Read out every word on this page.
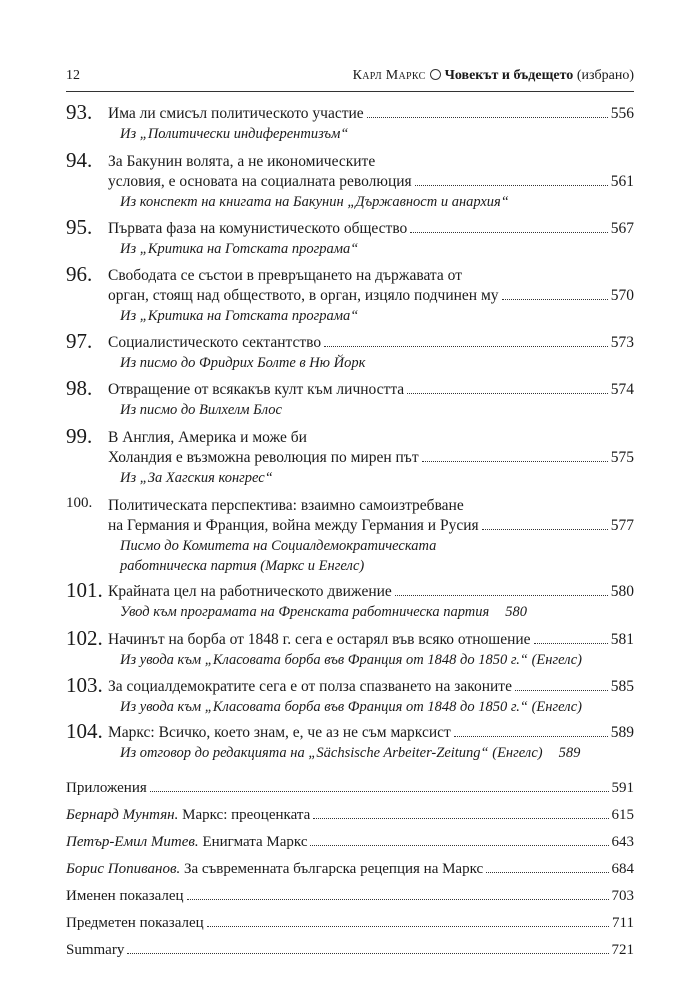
12	Карл Маркс Човекът и бъдещето (избрано)
93. Има ли смисъл политическото участие	556
Из „Политически индиферентизъм“
94. За Бакунин волята, а не икономическите
условия, е основата на социалната революция	561
Из конспект на книгата на Бакунин „Държавност и анархия“
95. Първата фаза на комунистическото общество	567
Из „Критика на Готската програма“
96. Свободата се състои в превръщането на държавата от
орган, стоящ над обществото, в орган, изцяло подчинен му	570
Из „Критика на Готската програма“
97. Социалистическото сектантство	573
Из писмо до Фридрих Болте в Ню Йорк
98. Отвращение от всякакъв култ към личността	574
Из писмо до Вилхелм Блос
99. В Англия, Америка и може би
Холандия е възможна революция по мирен път	575
Из „За Хагския конгрес“
100. Политическата перспектива: взаимно самоизтребване
на Германия и Франция, война между Германия и Русия	577
Писмо до Комитета на Социалдемократическата
работническа партия (Маркс и Енгелс)
101. Крайната цел на работническото движение	580
Увод към програмата на Френската работническа партия 580
102. Начинът на борба от 1848 г. сега е остарял във всяко отношение	581
Из увода към „Класовата борба във Франция от 1848 до 1850 г.“ (Енгелс)
103. За социалдемократите сега е от полза спазването на законите	585
Из увода към „Класовата борба във Франция от 1848 до 1850 г.“ (Енгелс)
104. Маркс: Всичко, което знам, е, че аз не съм марксист	589
Из отговор до редакцията на „Sächsische Arbeiter-Zeitung“ (Енгелс) 589
Приложения	591
Бернард Мунтян. Маркс: преоценката	615
Петър-Емил Митев. Енигмата Маркс	643
Борис Попиванов. За съвременната българска рецепция на Маркс	684
Именен показалец	703
Предметен показалец	711
Summary	721
